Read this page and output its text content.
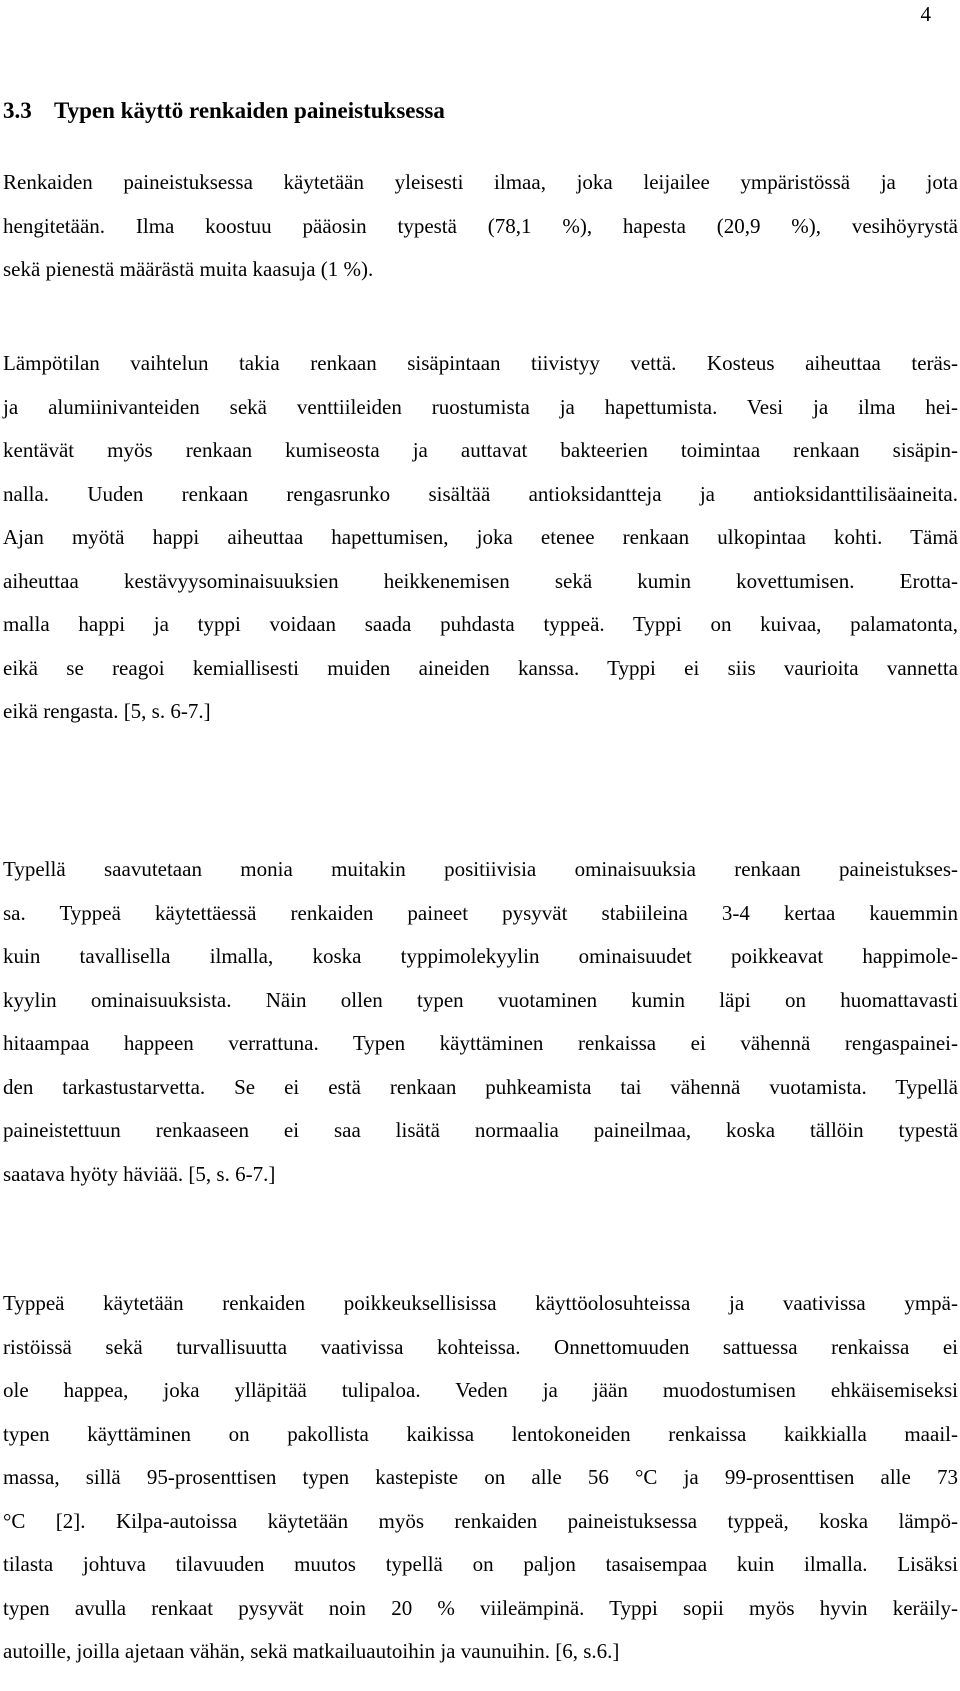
4
3.3 Typen käyttö renkaiden paineistuksessa

Renkaiden paineistuksessa käytetään yleisesti ilmaa, joka leijailee ympäristössä ja jota
hengitetään. Ilma koostuu pääosin typestä (78,1 %), hapesta (20,9 %), vesihöyrystä
sekä pienestä määrästä muita kaasuja (1 %).

Lämpötilan vaihtelun takia renkaan sisäpintaan tiivistyy vettä. Kosteus aiheuttaa teräs-
ja alumiinivanteiden sekä venttiileiden ruostumista ja hapettumista. Vesi ja ilma hei-
kentävät myös renkaan kumiseosta ja auttavat bakteerien toimintaa renkaan sisäpin-
nalla. Uuden renkaan rengasrunko sisältää antioksidantteja ja antioksidanttilisäaineita.
Ajan myötä happi aiheuttaa hapettumisen, joka etenee renkaan ulkopintaa kohti. Tämä
aiheuttaa kestävyysominaisuuksien heikkenemisen sekä kumin kovettumisen. Erotta-
malla happi ja typpi voidaan saada puhdasta typpeä. Typpi on kuivaa, palamatonta,
eikä se reagoi kemiallisesti muiden aineiden kanssa. Typpi ei siis vaurioita vannetta
eikä rengasta. [5, s. 6-7.]

Typellä saavutetaan monia muitakin positiivisia ominaisuuksia renkaan paineistukses-
sa. Typpeä käytettäessä renkaiden paineet pysyvät stabiileina 3-4 kertaa kauemmin
kuin tavallisella ilmalla, koska typpimolekyylin ominaisuudet poikkeavat happimole-
kyylin ominaisuuksista. Näin ollen typen vuotaminen kumin läpi on huomattavasti
hitaampaa happeen verrattuna. Typen käyttäminen renkaissa ei vähennä rengaspainei-
den tarkastustarvetta. Se ei estä renkaan puhkeamista tai vähennä vuotamista. Typellä
paineistettuun renkaaseen ei saa lisätä normaalia paineilmaa, koska tällöin typestä
saatava hyöty häviää. [5, s. 6-7.]

Typpeä käytetään renkaiden poikkeuksellisissa käyttöolosuhteissa ja vaativissa ympä-
ristöissä sekä turvallisuutta vaativissa kohteissa. Onnettomuuden sattuessa renkaissa ei
ole happea, joka ylläpitää tulipaloa. Veden ja jään muodostumisen ehkäisemiseksi
typen käyttäminen on pakollista kaikissa lentokoneiden renkaissa kaikkialla maail-
massa, sillä 95-prosenttisen typen kastepiste on alle 56 °C ja 99-prosenttisen alle 73
°C [2]. Kilpa-autoissa käytetään myös renkaiden paineistuksessa typpeä, koska lämpö-
tilasta johtuva tilavuuden muutos typellä on paljon tasaisempaa kuin ilmalla. Lisäksi
typen avulla renkaat pysyvät noin 20 % viileämpinä. Typpi sopii myös hyvin keräily-
autoille, joilla ajetaan vähän, sekä matkailuautoihin ja vaunuihin. [6, s.6.]
